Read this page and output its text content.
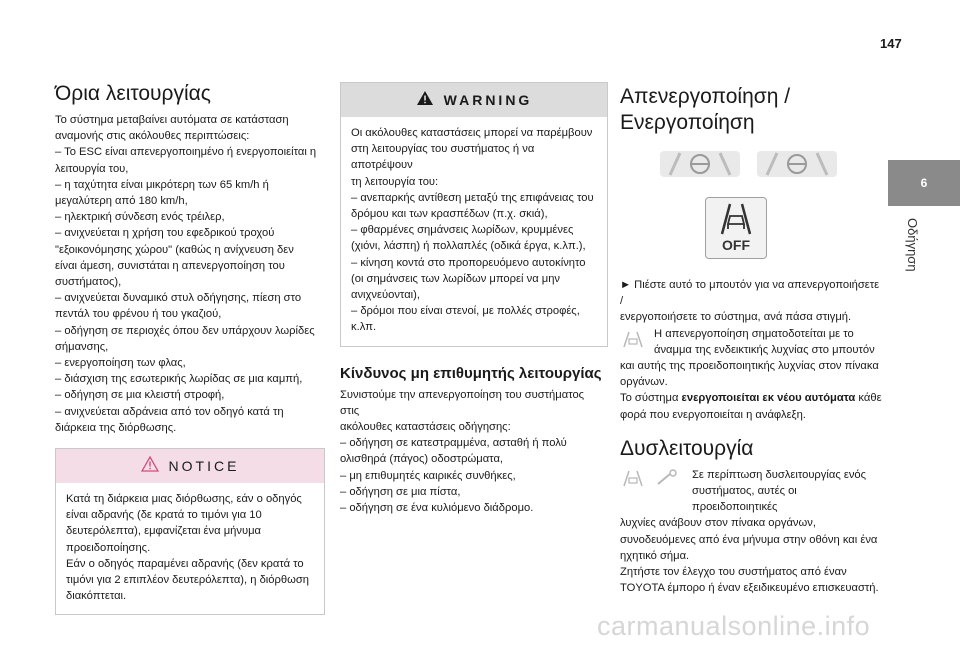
147
Όρια λειτουργίας

Το σύστημα μεταβαίνει αυτόματα σε κατάσταση

αναμονής στις ακόλουθες περιπτώσεις:

– Το ESC είναι απενεργοποιημένο ή ενεργοποιείται η

λειτουργία του,

– η ταχύτητα είναι μικρότερη των 65 km/h ή

μεγαλύτερη από 180 km/h,

– ηλεκτρική σύνδεση ενός τρέιλερ,

– ανιχνεύεται η χρήση του εφεδρικού τροχού

"εξοικονόμησης χώρου" (καθώς η ανίχνευση δεν

είναι άμεση, συνιστάται η απενεργοποίηση του

συστήματος),

– ανιχνεύεται δυναμικό στυλ οδήγησης, πίεση στο

πεντάλ του φρένου ή του γκαζιού,

– οδήγηση σε περιοχές όπου δεν υπάρχουν λωρίδες

σήμανσης,

– ενεργοποίηση των φλας,

– διάσχιση της εσωτερικής λωρίδας σε μια καμπή,

– οδήγηση σε μια κλειστή στροφή,

– ανιχνεύεται αδράνεια από τον οδηγό κατά τη

διάρκεια της διόρθωσης.

NOTICE

Κατά τη διάρκεια μιας διόρθωσης, εάν ο οδηγός

είναι αδρανής (δε κρατά το τιμόνι για 10

δευτερόλεπτα), εμφανίζεται ένα μήνυμα

προειδοποίησης.

Εάν ο οδηγός παραμένει αδρανής (δεν κρατά το

τιμόνι για 2 επιπλέον δευτερόλεπτα), η διόρθωση

διακόπτεται.

WARNING

Οι ακόλουθες καταστάσεις μπορεί να παρέμβουν

στη λειτουργίας του συστήματος ή να αποτρέψουν

τη λειτουργία του:

– ανεπαρκής αντίθεση μεταξύ της επιφάνειας του

δρόμου και των κρασπέδων (π.χ. σκιά),

– φθαρμένες σημάνσεις λωρίδων, κρυμμένες

(χιόνι, λάσπη) ή πολλαπλές (οδικά έργα, κ.λπ.),

– κίνηση κοντά στο προπορευόμενο αυτοκίνητο

(οι σημάνσεις των λωρίδων μπορεί να μην

ανιχνεύονται),

– δρόμοι που είναι στενοί, με πολλές στροφές,

κ.λπ.

Κίνδυνος μη επιθυμητής λειτουργίας

Συνιστούμε την απενεργοποίηση του συστήματος στις

ακόλουθες καταστάσεις οδήγησης:

– οδήγηση σε κατεστραμμένα, ασταθή ή πολύ

ολισθηρά (πάγος) οδοστρώματα,

– μη επιθυμητές καιρικές συνθήκες,

– οδήγηση σε μια πίστα,

– οδήγηση σε ένα κυλιόμενο διάδρομο.

Απενεργοποίηση /
Ενεργοποίηση
OFF

► Πιέστε αυτό το μπουτόν για να απενεργοποιήσετε /

ενεργοποιήσετε το σύστημα, ανά πάσα στιγμή.

Η απενεργοποίηση σηματοδοτείται με το

άναμμα της ενδεικτικής λυχνίας στο μπουτόν

και αυτής της προειδοποιητικής λυχνίας στον πίνακα

οργάνων.

Το σύστημα ενεργοποιείται εκ νέου αυτόματα κάθε

φορά που ενεργοποιείται η ανάφλεξη.

Δυσλειτουργία

Σε περίπτωση δυσλειτουργίας ενός

συστήματος, αυτές οι προειδοποιητικές

λυχνίες ανάβουν στον πίνακα οργάνων,

συνοδευόμενες από ένα μήνυμα στην οθόνη και ένα

ηχητικό σήμα.

Ζητήστε τον έλεγχο του συστήματος από έναν

TOYOTA έμπορο ή έναν εξειδικευμένο επισκευαστή.

6
Οδήγηση
carmanualsonline.info
